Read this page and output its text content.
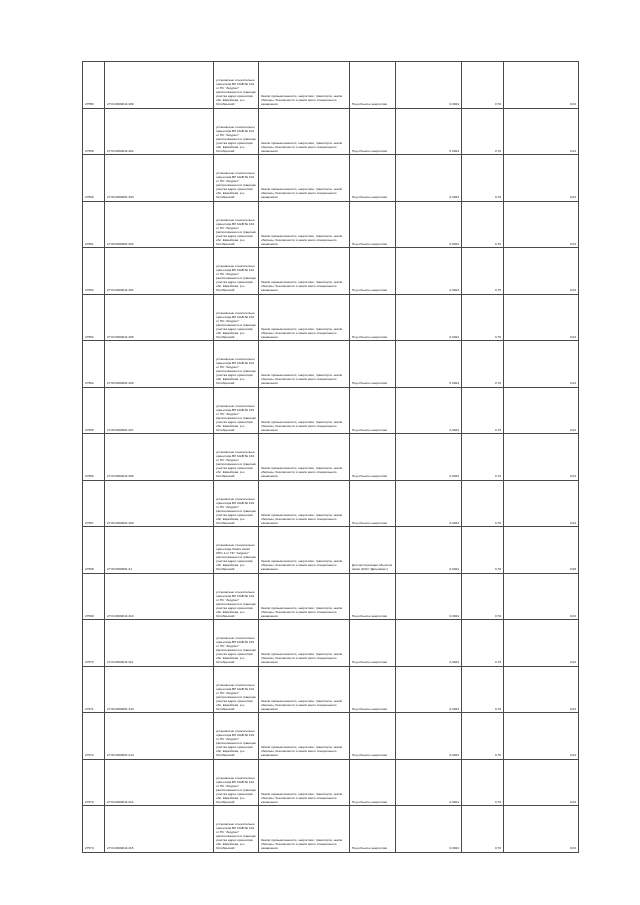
27556	27:04:0000011:409	установлено относительно ориентира ВЛ 10кВ № 104 от ПС "Амурзет" расположенного в границах участка адрес ориентира: обл. Еврейская, р-н Октябрьский	Земли промышленности, энергетики, транспорта, земли обороны, безопасности и земли иного специального назначения	Под объекты энергетики	0,0024	0,76	0,04
27559	27:04:0000011:404	установлено относительно ориентира ВЛ 10кВ № 104 от ПС "Амурзет" расположенного в границах участка адрес ориентира: обл. Еврейская, р-н Октябрьский	Земли промышленности, энергетики, транспорта, земли обороны, безопасности и земли иного специального назначения	Под объекты энергетики	0,0024	0,76	0,04
27560	27:06:0000001:403	установлено относительно ориентира ВЛ 10кВ № 104 от ПС "Амурзет" расположенного в границах участка адрес ориентира: обл. Еврейская, р-н Октябрьский	Земли промышленности, энергетики, транспорта, земли обороны, безопасности и земли иного специального назначения	Под объекты энергетики	0,0024	0,76	0,04
27561	27:06:0000001:402	установлено относительно ориентира ВЛ 10кВ № 104 от ПС "Амурзет" расположенного в границах участка адрес ориентира: обл. Еврейская, р-н Октябрьский	Земли промышленности, энергетики, транспорта, земли обороны, безопасности и земли иного специального назначения	Под объекты энергетики	0,0024	0,76	0,04
27562	27:04:0000011:404	установлено относительно ориентира ВЛ 10кВ № 104 от ПС "Амурзет" расположенного в границах участка адрес ориентира: обл. Еврейская, р-н Октябрьский	Земли промышленности, энергетики, транспорта, земли обороны, безопасности и земли иного специального назначения	Под объекты энергетики	0,0024	0,76	0,04
27563	27:04:0000011:405	установлено относительно ориентира ВЛ 10кВ № 104 от ПС "Амурзет" расположенного в границах участка адрес ориентира: обл. Еврейская, р-н Октябрьский	Земли промышленности, энергетики, транспорта, земли обороны, безопасности и земли иного специального назначения	Под объекты энергетики	0,0024	0,76	0,04
27564	27:06:0000001:406	установлено относительно ориентира ВЛ 10кВ № 104 от ПС "Амурзет" расположенного в границах участка адрес ориентира: обл. Еврейская, р-н Октябрьский	Земли промышленности, энергетики, транспорта, земли обороны, безопасности и земли иного специального назначения	Под объекты энергетики	0,0024	0,76	0,04
27565	27:06:0000001:407	установлено относительно ориентира ВЛ 10кВ № 104 от ПС "Амурзет" расположенного в границах участка адрес ориентира: обл. Еврейская, р-н Октябрьский	Земли промышленности, энергетики, транспорта, земли обороны, безопасности и земли иного специального назначения	Под объекты энергетики	0,0024	0,76	0,04
27566	27:04:0000011:408	установлено относительно ориентира ВЛ 10кВ № 104 от ПС "Амурзет" расположенного в границах участка адрес ориентира: обл. Еврейская, р-н Октябрьский	Земли промышленности, энергетики, транспорта, земли обороны, безопасности и земли иного специального назначения	Под объекты энергетики	0,0024	0,76	0,04
27567	27:06:0000001:409	установлено относительно ориентира ВЛ 10кВ № 104 от ПС "Амурзет" расположенного в границах участка адрес ориентира: обл. Еврейская, р-н Октябрьский	Земли промышленности, энергетики, транспорта, земли обороны, безопасности и земли иного специального назначения	Под объекты энергетики	0,0024	0,76	0,04
27568	27:06:0000001:41	установлено относительно ориентира Линия связи ОРС-2 от ПС "Амурзет" расположенного в границах участка адрес ориентира: обл. Еврейская, р-н Октябрьский	Земли промышленности, энергетики, транспорта, земли обороны, безопасности и земли иного специального назначения	Для эксплуатации объектов связи (ОАО "Дальсвязь")	0,0024	0,76	0,08
27569	27:04:0000011:410	установлено относительно ориентира ВЛ 10кВ № 104 от ПС "Амурзет" расположенного в границах участка адрес ориентира: обл. Еврейская, р-н Октябрьский	Земли промышленности, энергетики, транспорта, земли обороны, безопасности и земли иного специального назначения	Под объекты энергетики	0,0024	0,76	0,04
27570	27:04:0000011:411	установлено относительно ориентира ВЛ 10кВ № 104 от ПС "Амурзет" расположенного в границах участка адрес ориентира: обл. Еврейская, р-н Октябрьский	Земли промышленности, энергетики, транспорта, земли обороны, безопасности и земли иного специального назначения	Под объекты энергетики	0,0024	0,76	0,04
27571	27:06:0000001:412	установлено относительно ориентира ВЛ 10кВ № 104 от ПС "Амурзет" расположенного в границах участка адрес ориентира: обл. Еврейская, р-н Октябрьский	Земли промышленности, энергетики, транспорта, земли обороны, безопасности и земли иного специального назначения	Под объекты энергетики	0,0024	0,76	0,04
27572	27:06:0000001:413	установлено относительно ориентира ВЛ 10кВ № 104 от ПС "Амурзет" расположенного в границах участка адрес ориентира: обл. Еврейская, р-н Октябрьский	Земли промышленности, энергетики, транспорта, земли обороны, безопасности и земли иного специального назначения	Под объекты энергетики	0,0024	0,76	0,04
27573	27:04:0000011:414	установлено относительно ориентира ВЛ 10кВ № 104 от ПС "Амурзет" расположенного в границах участка адрес ориентира: обл. Еврейская, р-н Октябрьский	Земли промышленности, энергетики, транспорта, земли обороны, безопасности и земли иного специального назначения	Под объекты энергетики	0,0024	0,76	0,04
27574	27:04:0000011:415	установлено относительно ориентира ВЛ 10кВ № 104 от ПС "Амурзет" расположенного в границах участка адрес ориентира: обл. Еврейская, р-н Октябрьский	Земли промышленности, энергетики, транспорта, земли обороны, безопасности и земли иного специального назначения	Под объекты энергетики	0,0024	0,76	0,04
